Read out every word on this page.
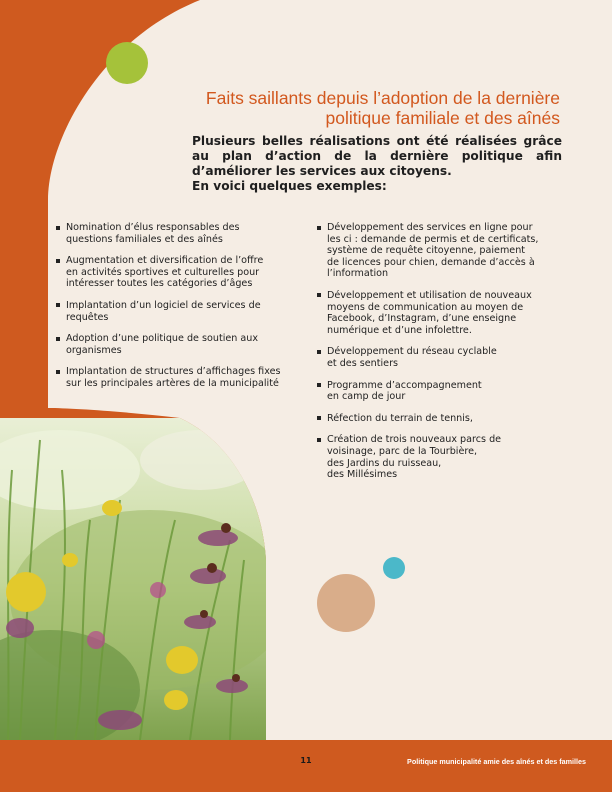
Faits saillants depuis l’adoption de la dernière
politique familiale et des aînés

Plusieurs belles réalisations ont été réalisées grâce au plan d’action de la dernière politique afin d’améliorer les services aux citoyens.

En voici quelques exemples:

Nomination d’élus responsables des
questions familiales et des aînés
Augmentation et diversification de l’offre
en activités sportives et culturelles pour
intéresser toutes les catégories d’âges
Implantation d’un logiciel de services de
requêtes
Adoption d’une politique de soutien aux
organismes
Implantation de structures d’affichages fixes
sur les principales artères de la municipalité
Développement des services en ligne pour
les ci : demande de permis et de certificats,
système de requête citoyenne, paiement
de licences pour chien, demande d’accès à
l’information
Développement et utilisation de nouveaux
moyens de communication au moyen de
Facebook, d’Instagram, d’une enseigne
numérique et d’une infolettre.
Développement du réseau cyclable
et des sentiers
Programme d’accompagnement
en camp de jour
Réfection du terrain de tennis,
Création de trois nouveaux parcs de
voisinage, parc de la Tourbière,
des Jardins du ruisseau,
des Millésimes
11	Politique municipalité amie des aînés et des familles
